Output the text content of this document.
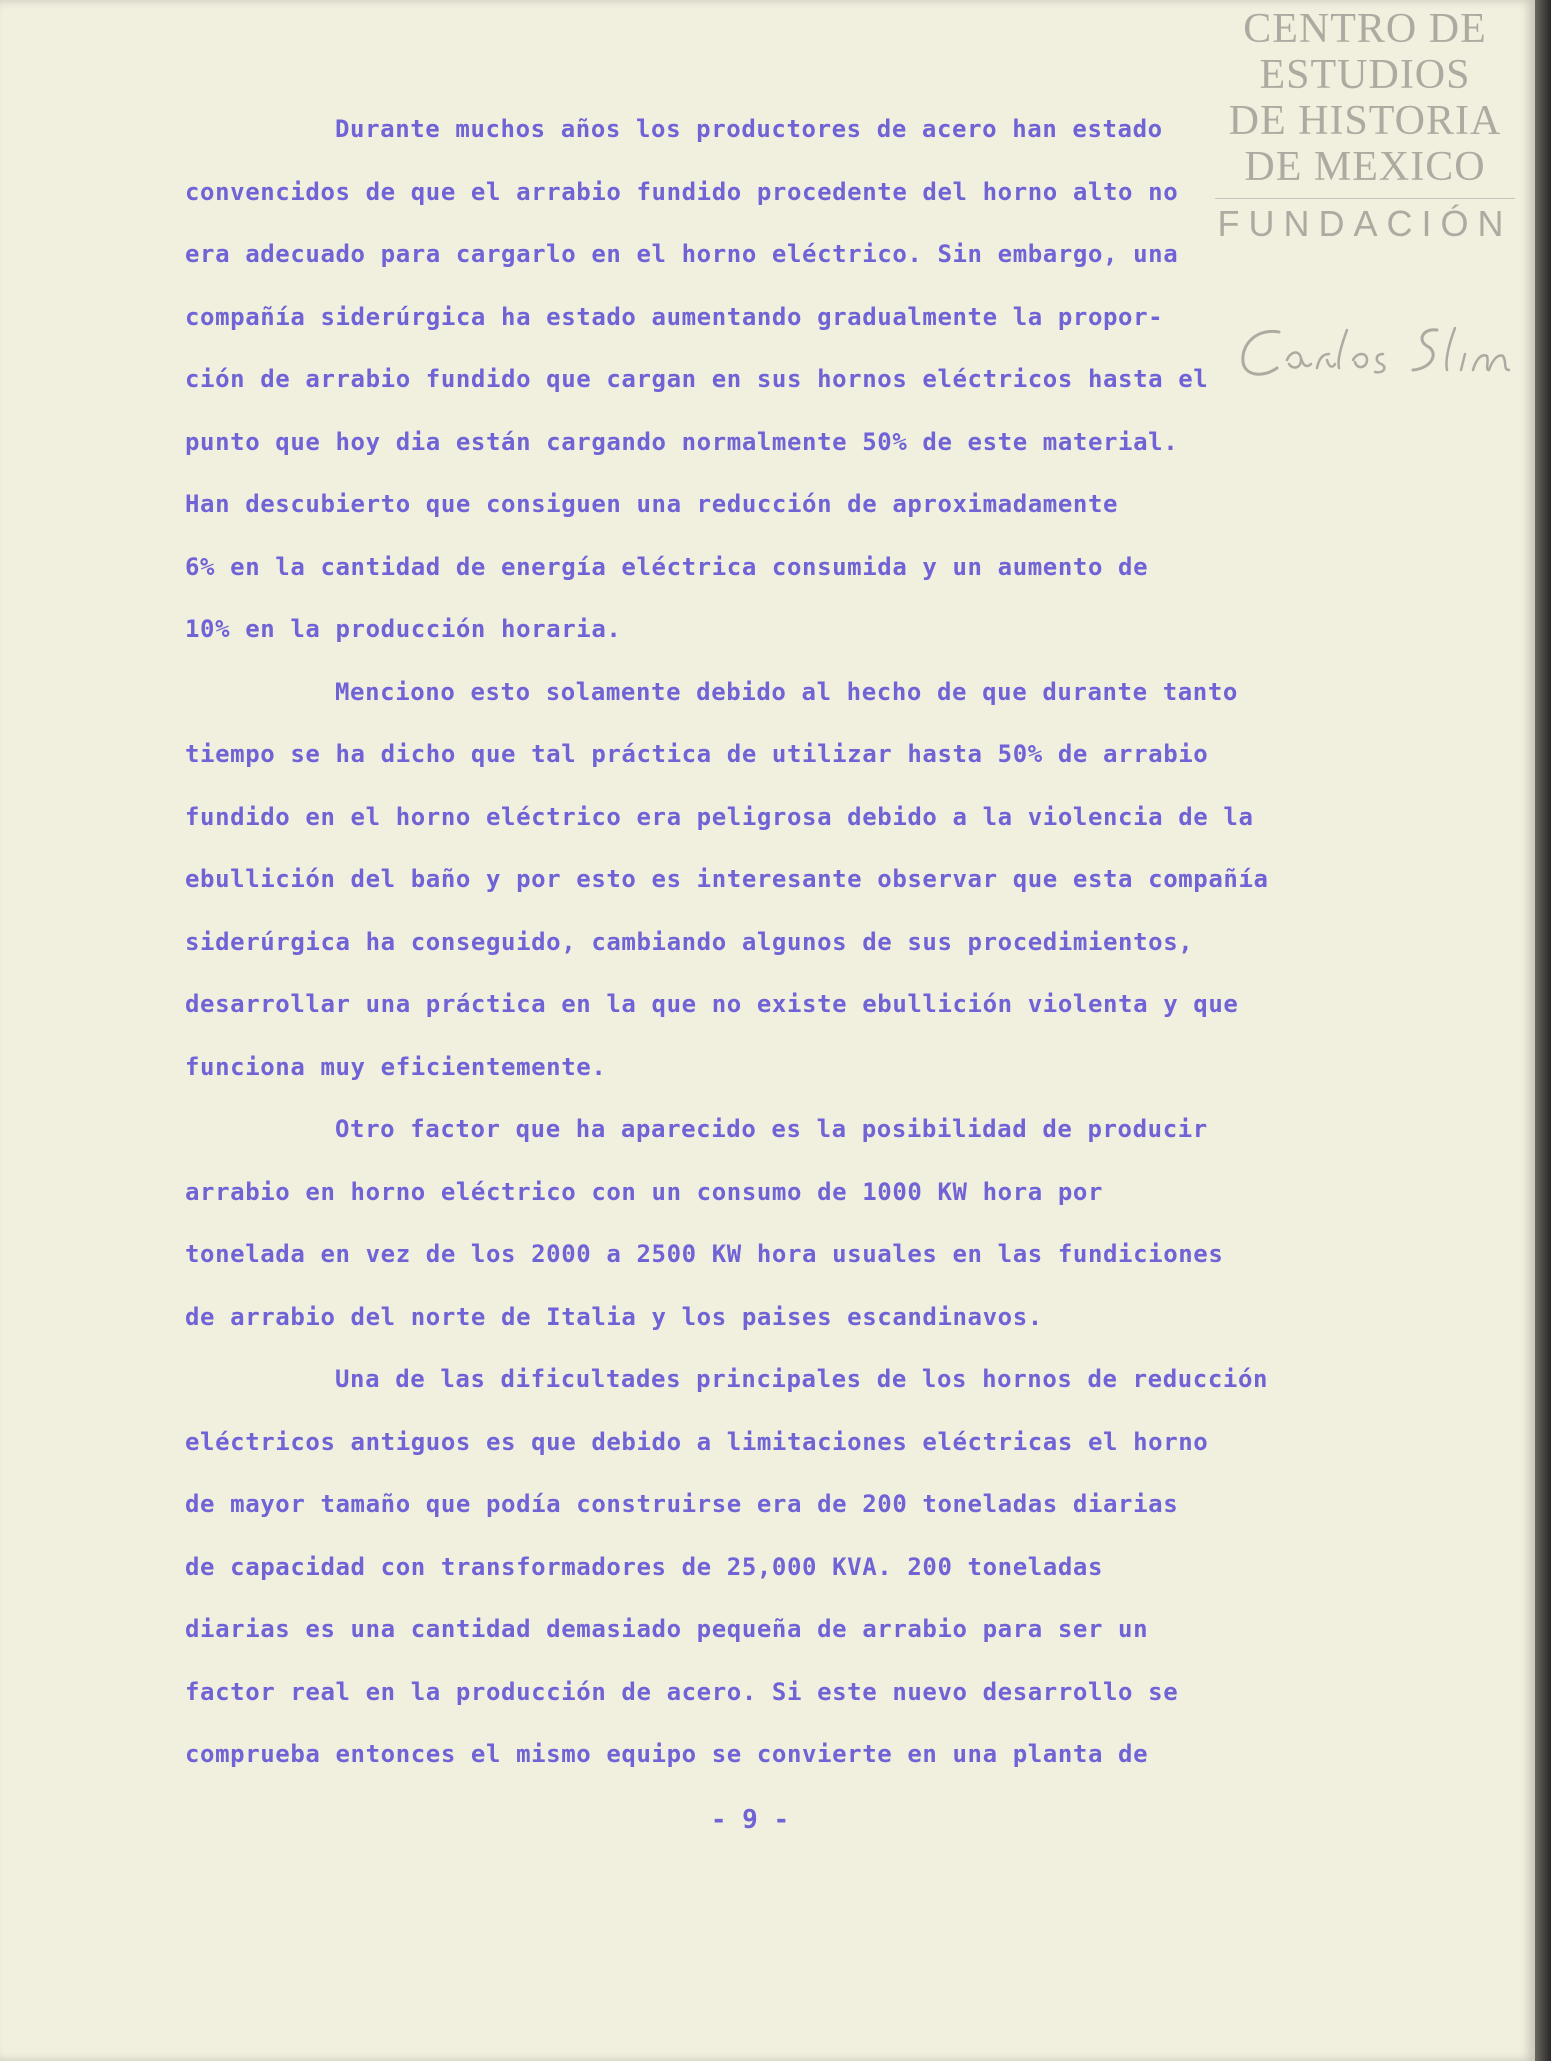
CENTRO DE
ESTUDIOS
DE HISTORIA
DE MEXICO
FUNDACIÓN
Durante muchos años los productores de acero han estado
convencidos de que el arrabio fundido procedente del horno alto no
era adecuado para cargarlo en el horno eléctrico. Sin embargo, una
compañía siderúrgica ha estado aumentando gradualmente la propor-
ción de arrabio fundido que cargan en sus hornos eléctricos hasta el
punto que hoy dia están cargando normalmente 50% de este material.
Han descubierto que consiguen una reducción de aproximadamente
6% en la cantidad de energía eléctrica consumida y un aumento de
10% en la producción horaria.
Menciono esto solamente debido al hecho de que durante tanto
tiempo se ha dicho que tal práctica de utilizar hasta 50% de arrabio
fundido en el horno eléctrico era peligrosa debido a la violencia de la
ebullición del baño y por esto es interesante observar que esta compañía
siderúrgica ha conseguido, cambiando algunos de sus procedimientos,
desarrollar una práctica en la que no existe ebullición violenta y que
funciona muy eficientemente.
Otro factor que ha aparecido es la posibilidad de producir
arrabio en horno eléctrico con un consumo de 1000 KW hora por
tonelada en vez de los 2000 a 2500 KW hora usuales en las fundiciones
de arrabio del norte de Italia y los paises escandinavos.
Una de las dificultades principales de los hornos de reducción
eléctricos antiguos es que debido a limitaciones eléctricas el horno
de mayor tamaño que podía construirse era de 200 toneladas diarias
de capacidad con transformadores de 25,000 KVA. 200 toneladas
diarias es una cantidad demasiado pequeña de arrabio para ser un
factor real en la producción de acero. Si este nuevo desarrollo se
comprueba entonces el mismo equipo se convierte en una planta de
- 9 -
